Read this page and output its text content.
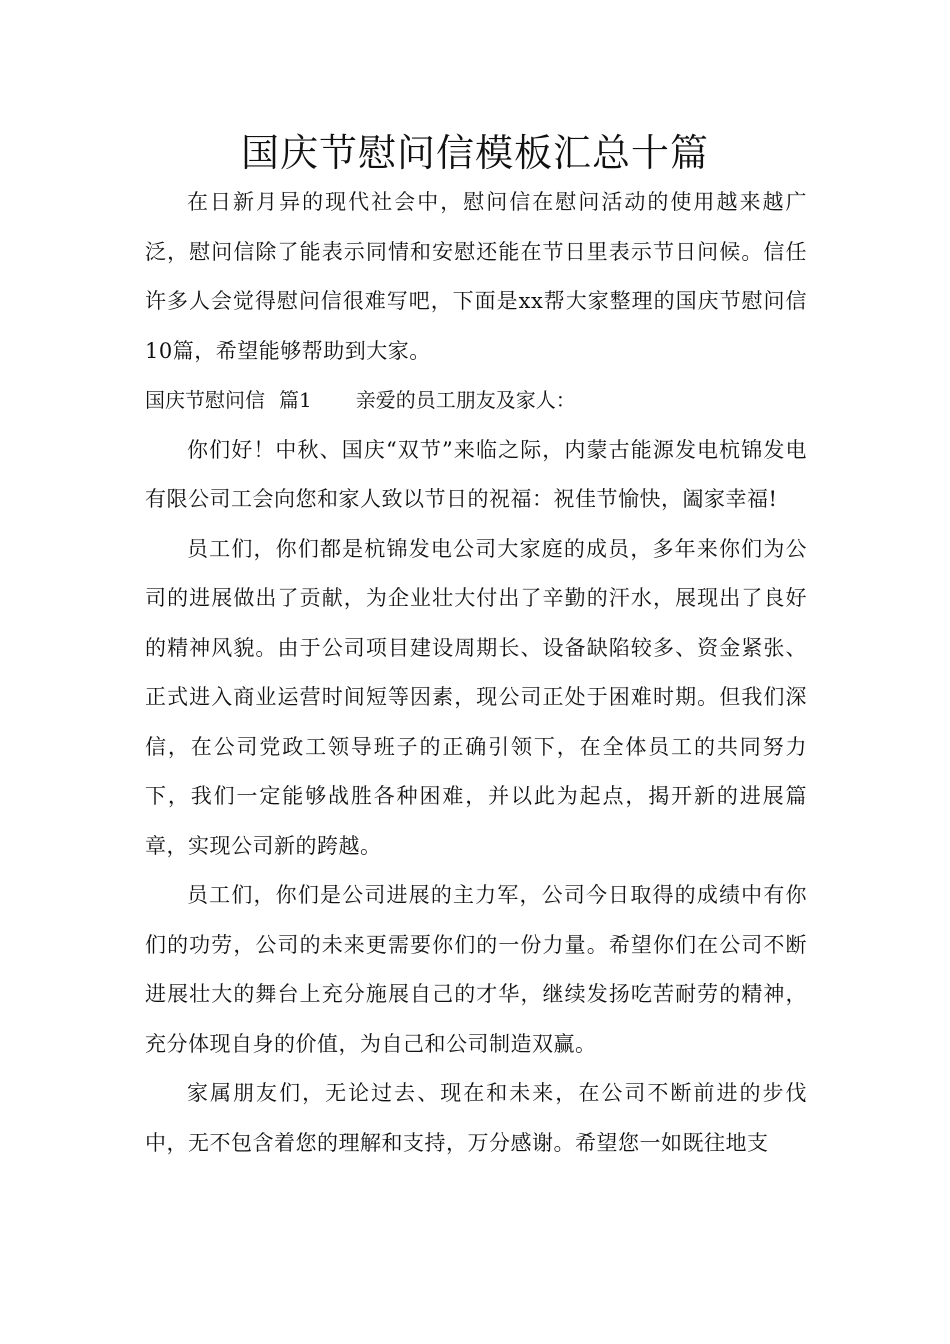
国庆节慰问信模板汇总十篇

在日新月异的现代社会中，慰问信在慰问活动的使用越来越广泛，慰问信除了能表示同情和安慰还能在节日里表示节日问候。信任许多人会觉得慰问信很难写吧，下面是xx帮大家整理的国庆节慰问信10篇，希望能够帮助到大家。

国庆节慰问信 篇1 亲爱的员工朋友及家人：

你们好！中秋、国庆“双节”来临之际，内蒙古能源发电杭锦发电有限公司工会向您和家人致以节日的祝福：祝佳节愉快，阖家幸福!

员工们，你们都是杭锦发电公司大家庭的成员，多年来你们为公司的进展做出了贡献，为企业壮大付出了辛勤的汗水，展现出了良好的精神风貌。由于公司项目建设周期长、设备缺陷较多、资金紧张、正式进入商业运营时间短等因素，现公司正处于困难时期。但我们深信，在公司党政工领导班子的正确引领下，在全体员工的共同努力下，我们一定能够战胜各种困难，并以此为起点，揭开新的进展篇章，实现公司新的跨越。

员工们，你们是公司进展的主力军，公司今日取得的成绩中有你们的功劳，公司的未来更需要你们的一份力量。希望你们在公司不断进展壮大的舞台上充分施展自己的才华，继续发扬吃苦耐劳的精神，充分体现自身的价值，为自己和公司制造双赢。

家属朋友们，无论过去、现在和未来，在公司不断前进的步伐中，无不包含着您的理解和支持，万分感谢。希望您一如既往地支
